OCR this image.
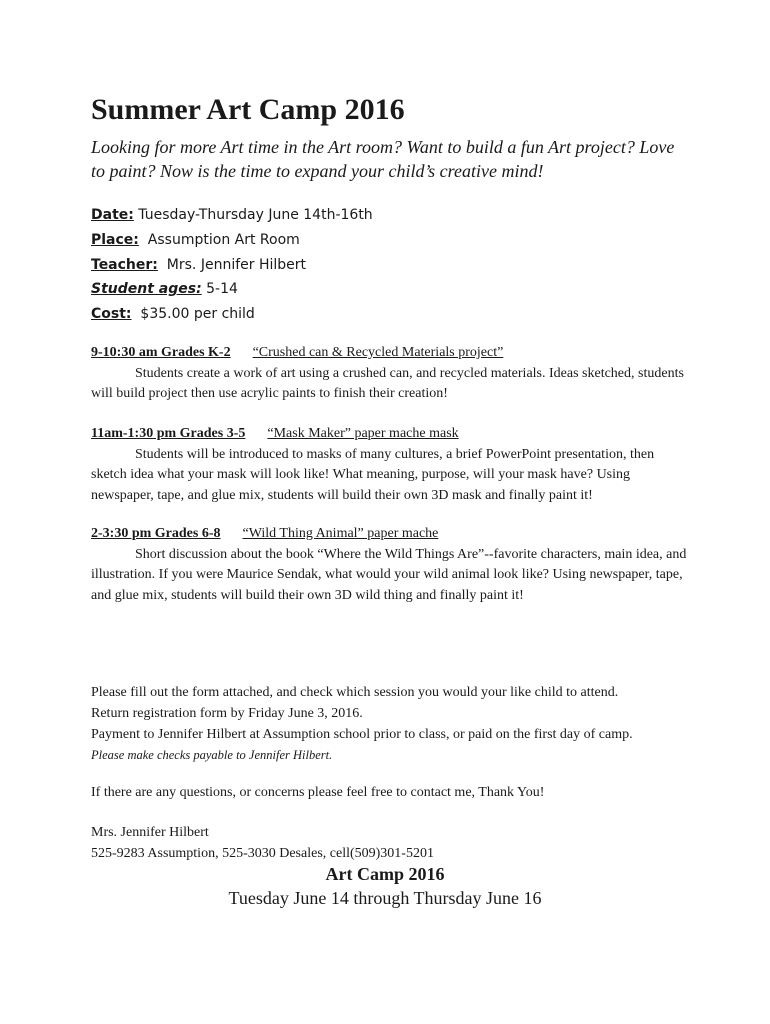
Summer Art Camp 2016

Looking for more Art time in the Art room? Want to build a fun Art project? Love to paint? Now is the time to expand your child’s creative mind!

Date: Tuesday-Thursday June 14th-16th
Place:  Assumption Art Room
Teacher:  Mrs. Jennifer Hilbert
Student ages: 5-14
Cost:  $35.00 per child
9-10:30 am Grades K-2 “Crushed can & Recycled Materials project”

Students create a work of art using a crushed can, and recycled materials. Ideas sketched, students will build project then use acrylic paints to finish their creation!

11am-1:30 pm Grades 3-5 “Mask Maker” paper mache mask

Students will be introduced to masks of many cultures, a brief PowerPoint presentation, then sketch idea what your mask will look like! What meaning, purpose, will your mask have? Using newspaper, tape, and glue mix, students will build their own 3D mask and finally paint it!

2-3:30 pm Grades 6-8 “Wild Thing Animal” paper mache

Short discussion about the book “Where the Wild Things Are”--favorite characters, main idea, and illustration. If you were Maurice Sendak, what would your wild animal look like? Using newspaper, tape, and glue mix, students will build their own 3D wild thing and finally paint it!

Please fill out the form attached, and check which session you would your like child to attend.

Return registration form by Friday June 3, 2016.

Payment to Jennifer Hilbert at Assumption school prior to class, or paid on the first day of camp.

Please make checks payable to Jennifer Hilbert.

If there are any questions, or concerns please feel free to contact me, Thank You!
Mrs. Jennifer Hilbert
525-9283 Assumption, 525-3030 Desales, cell(509)301-5201
Art Camp 2016
Tuesday June 14 through Thursday June 16
